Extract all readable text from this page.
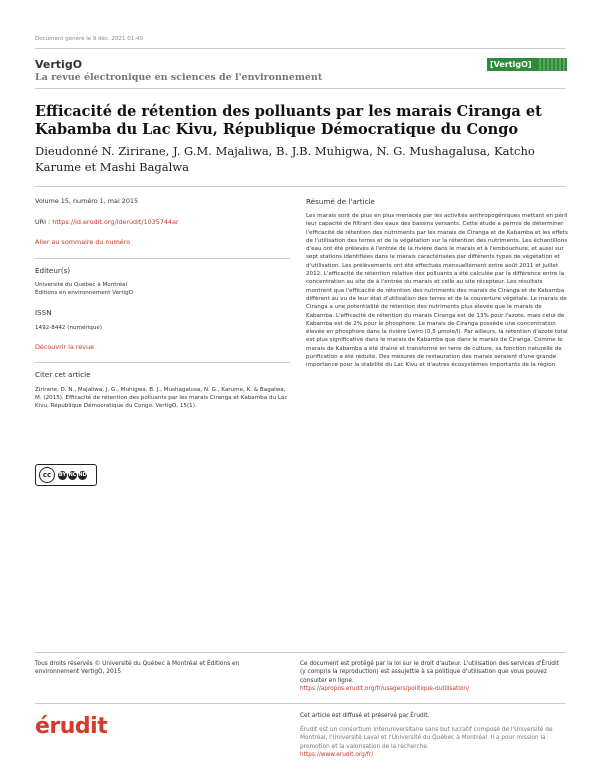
Document généré le 9 déc. 2021 01:40
VertigO
La revue électronique en sciences de l'environnement
[VertigO]
Efficacité de rétention des polluants par les marais Ciranga et Kabamba du Lac Kivu, République Démocratique du Congo
Dieudonné N. Zirirane, J. G.M. Majaliwa, B. J.B. Muhigwa, N. G. Mushagalusa, Katcho Karume et Mashi Bagalwa
Volume 15, numéro 1, mai 2015
URI : https://id.erudit.org/iderudit/1035744ar
Aller au sommaire du numéro
Éditeur(s)
Université du Québec à Montréal
Éditions en environnement VertigO
ISSN
1492-8442 (numérique)
Découvrir la revue
Citer cet article
Zirirane, D. N., Majaliwa, J. G., Muhigwa, B. J., Mushagalusa, N. G., Karume, K. & Bagalwa, M. (2015). Efficacité de rétention des polluants par les marais Ciranga et Kabamba du Lac Kivu, République Démocratique du Congo. VertigO, 15(1).
cc	BY NC ND
Résumé de l'article
Les marais sont de plus en plus menacés par les activités anthropogéniques mettant en péril leur capacité de filtrant des eaux des bassins versants. Cette étude a permis de déterminer l'efficacité de rétention des nutriments par les marais de Ciranga et de Kabamba et les effets de l'utilisation des terres et de la végétation sur la rétention des nutriments. Les échantillons d'eau ont été prélevés à l'entrée de la rivière dans le marais et à l'embouchure, et aussi sur sept stations identifiées dans le marais caractérisées par différents types de végétation et d'utilisation. Les prélèvements ont été effectués mensuellement entre août 2011 et juillet 2012. L'efficacité de rétention relative des polluants a été calculée par la différence entre la concentration au site de à l'entrée du marais et celle au site récepteur. Les résultats montrent que l'efficacité de rétention des nutriments des marais de Ciranga et de Kabamba diffèrent au vu de leur état d'utilisation des terres et de la couverture végétale. Le marais de Ciranga a une potentialité de rétention des nutriments plus élevée que le marais de Kabamba. L'efficacité de rétention du marais Ciranga est de 13% pour l'azote, mais celui de Kabamba est de 2% pour le phosphore. Le marais de Ciranga possède une concentration élevée en phosphore dans la rivière Lwiro (0,5 µmole/l). Par ailleurs, la rétention d'azote total est plus significative dans le marais de Kabamba que dans le marais de Ciranga. Comme le marais de Kabamba a été drainé et transformé en terre de culture, sa fonction naturelle de purification a été réduite. Des mesures de restauration des marais seraient d'une grande importance pour la stabilité du Lac Kivu et d'autres écosystèmes importants de la région.
Tous droits réservés © Université du Québec à Montréal et Éditions en environnement VertigO, 2015
Ce document est protégé par la loi sur le droit d'auteur. L'utilisation des services d'Érudit (y compris la reproduction) est assujettie à sa politique d'utilisation que vous pouvez consulter en ligne.
https://apropos.erudit.org/fr/usagers/politique-dutilisation/
érudit	Cet article est diffusé et préservé par Érudit.
Érudit est un consortium interuniversitaire sans but lucratif composé de l'Université de Montréal, l'Université Laval et l'Université du Québec à Montréal. Il a pour mission la promotion et la valorisation de la recherche.
https://www.erudit.org/fr/
